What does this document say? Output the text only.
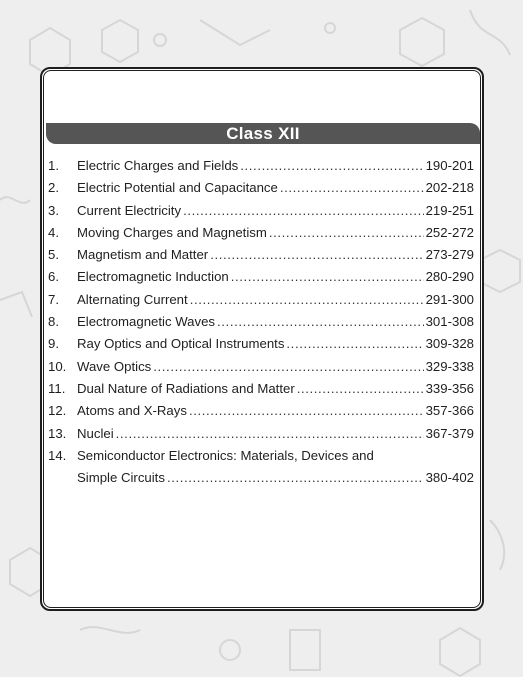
Class XII
1.	Electric Charges and Fields .....	190-201
2.	Electric Potential and Capacitance .....	202-218
3.	Current Electricity .....	219-251
4.	Moving Charges and Magnetism .....	252-272
5.	Magnetism and Matter .....	273-279
6.	Electromagnetic Induction .....	280-290
7.	Alternating Current .....	291-300
8.	Electromagnetic Waves .....	301-308
9.	Ray Optics and Optical Instruments .....	309-328
10. Wave Optics .....	329-338
11. Dual Nature of Radiations and Matter .....	339-356
12. Atoms and X-Rays .....	357-366
13. Nuclei .....	367-379
14. Semiconductor Electronics: Materials, Devices and
Simple Circuits .....	380-402
